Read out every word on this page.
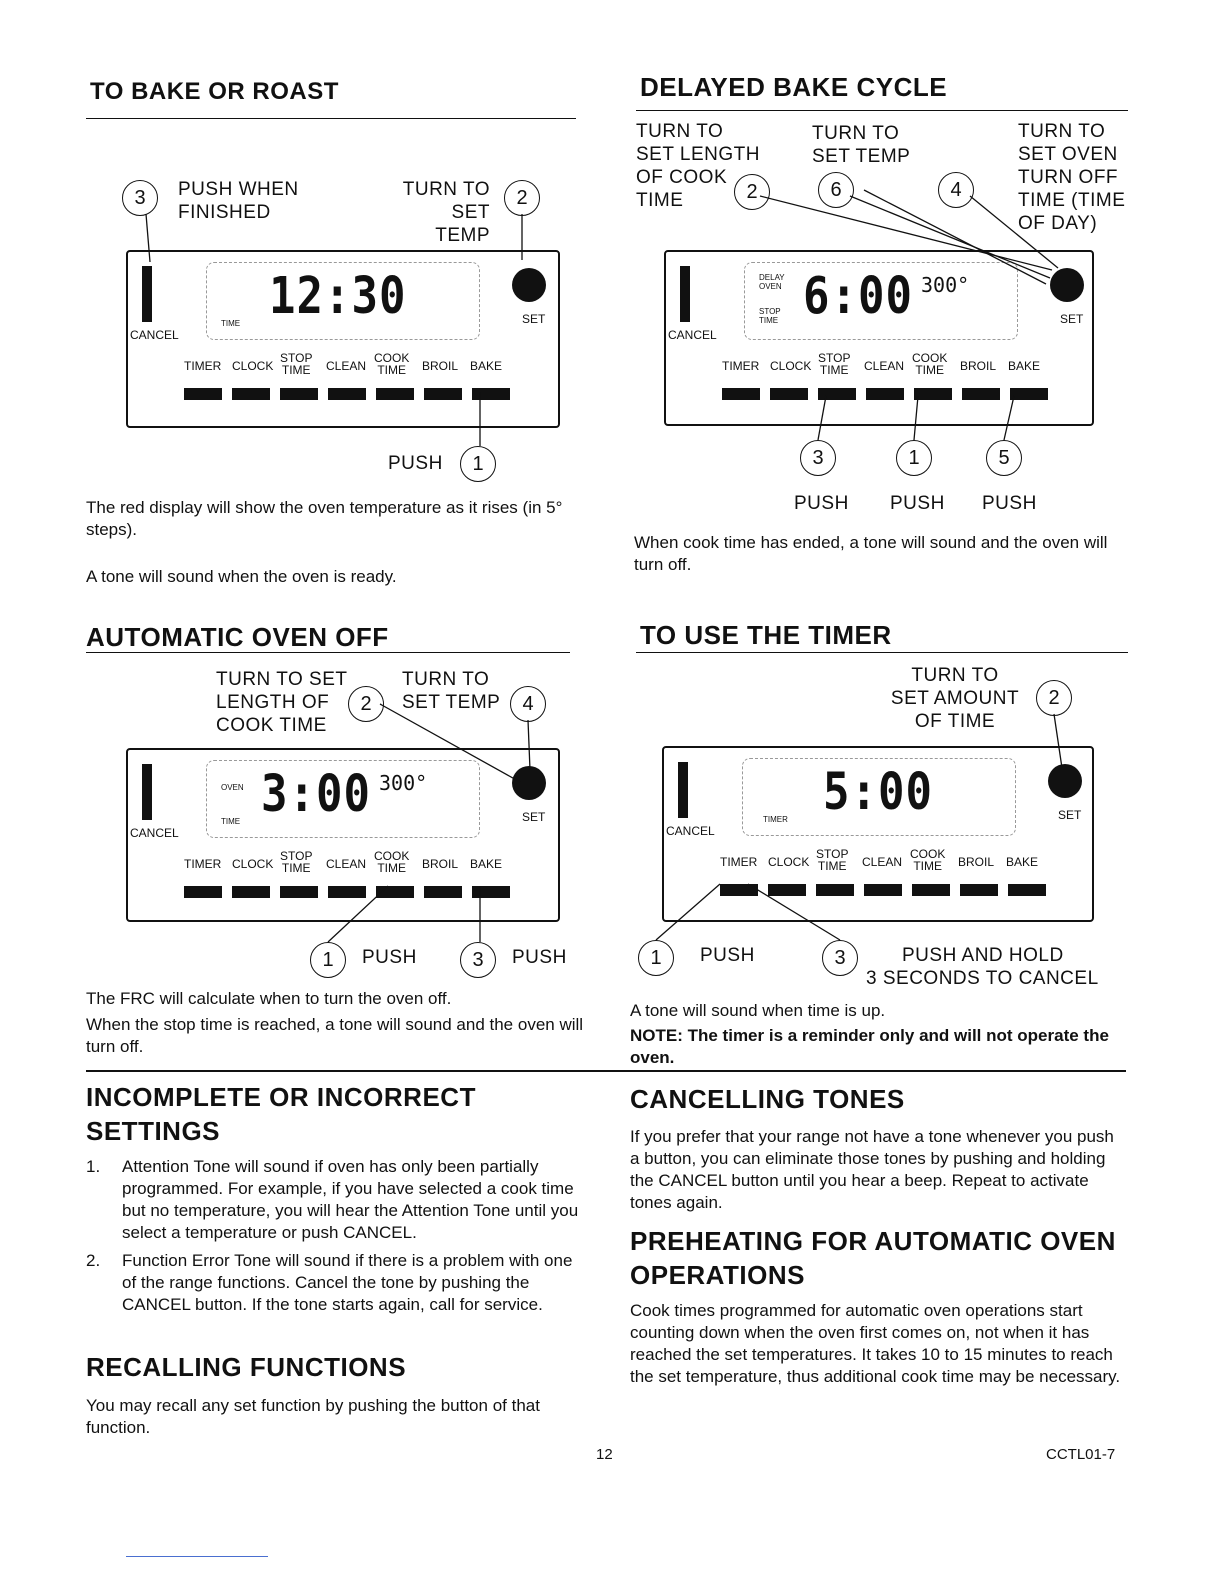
TO BAKE OR ROAST
3	PUSH WHEN
FINISHED
TURN TO
SET TEMP
2
CANCEL
12:30
TIME	SET
TIMER CLOCK
STOP
TIME CLEAN
COOK
TIME BROIL BAKE
PUSH	1

The red display will show the oven temperature as it rises (in 5° steps).

A tone will sound when the oven is ready.

DELAYED BAKE CYCLE
TURN TO
SET LENGTH
OF COOK
TIME
TURN TO
SET TEMP
TURN TO
SET OVEN
TURN OFF
TIME (TIME
OF DAY)
2	6	4
CANCEL
DELAY
OVEN
STOP
TIME 6:00 300°
SET
TIMER CLOCK
STOP
TIME CLEAN
COOK
TIME BROIL BAKE
3	1	5
PUSH PUSH PUSH

When cook time has ended, a tone will sound and the oven will turn off.

AUTOMATIC OVEN OFF
TURN TO SET
LENGTH OF
COOK TIME
2
TURN TO
SET TEMP	4
CANCEL
OVEN
TIME 3:00 300°
SET
TIMER CLOCK
STOP
TIME CLEAN
COOK
TIME BROIL BAKE
1	PUSH	3	PUSH

The FRC will calculate when to turn the oven off.

When the stop time is reached, a tone will sound and the oven will turn off.

TO USE THE TIMER
TURN TO
SET AMOUNT
OF TIME
2
CANCEL
TIMER 5:00	SET
TIMER CLOCK
STOP
TIME CLEAN
COOK
TIME BROIL BAKE
1	PUSH	3	PUSH AND HOLD
3 SECONDS TO CANCEL

A tone will sound when time is up.

NOTE: The timer is a reminder only and will not operate the oven.

INCOMPLETE OR INCORRECT
SETTINGS
1. Attention Tone will sound if oven has only been partially programmed. For example, if you have selected a cook time but no temperature, you will hear the Attention Tone until you select a temperature or push CANCEL.
2. Function Error Tone will sound if there is a problem with one of the range functions. Cancel the tone by pushing the CANCEL button. If the tone starts again, call for service.
RECALLING FUNCTIONS

You may recall any set function by pushing the button of that function.

CANCELLING TONES

If you prefer that your range not have a tone whenever you push a button, you can eliminate those tones by pushing and holding the CANCEL button until you hear a beep. Repeat to activate tones again.

PREHEATING FOR AUTOMATIC OVEN
OPERATIONS

Cook times programmed for automatic oven operations start counting down when the oven first comes on, not when it has reached the set temperatures. It takes 10 to 15 minutes to reach the set temperature, thus additional cook time may be necessary.

12	CCTL01-7
